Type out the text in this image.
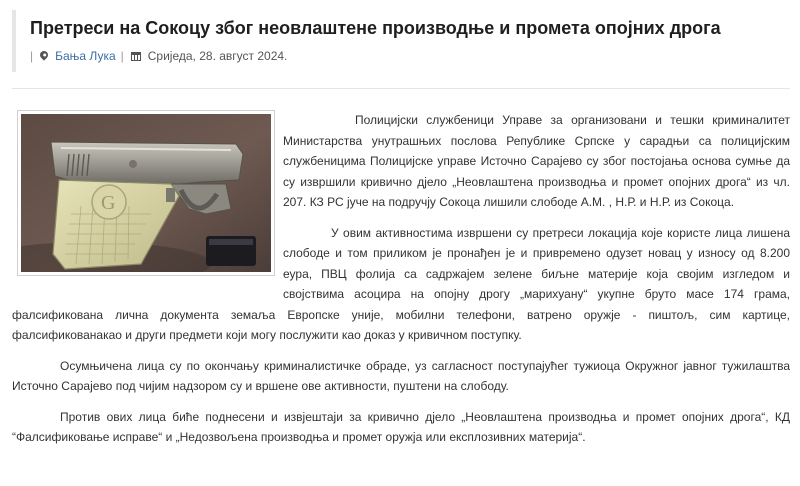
Претреси на Сокоцу због неовлаштене производње и промета опојних дрога
| Бања Лука | Сриједа, 28. август 2024.
G

Полицијски службеници Управе за организовани и тешки криминалитет Министарства унутрашњих послова Републике Српске у сарадњи са полицијским службеницима Полицијске управе Источно Сарајево су због постојања основа сумње да су извршили кривично дјело „Неовлаштена производња и промет опојних дрога“ из чл. 207. КЗ РС јуче на подручју Сокоца лишили слободе А.М. , Н.Р. и Н.Р. из Сокоца.

У овим активностима извршени су претреси локација које користе лица лишена слободе и том приликом је пронађен је и привремено одузет новац у износу од 8.200 еура, ПВЦ фолија са садржајем зелене биљне материје која својим изгледом и својствима асоцира на опојну дрогу „марихуану“ укупне бруто масе 174 грама, фалсификована лична документа земаља Европске уније, мобилни телефони, ватрено оружје - пиштољ, сим картице, фалсификованакао и други предмети који могу послужити као доказ у кривичном поступку.

Осумњичена лица су по окончању криминалистичке обраде, уз сагласност поступајућег тужиоца Окружног јавног тужилаштва Источно Сарајево под чијим надзором су и вршене ове активности, пуштени на слободу.

Против ових лица биће поднесени и извјештаји за кривично дјело „Неовлаштена производња и промет опојних дрога“, КД “Фалсификовање исправе“ и „Недозвољена производња и промет оружја или експлозивних материја“.
